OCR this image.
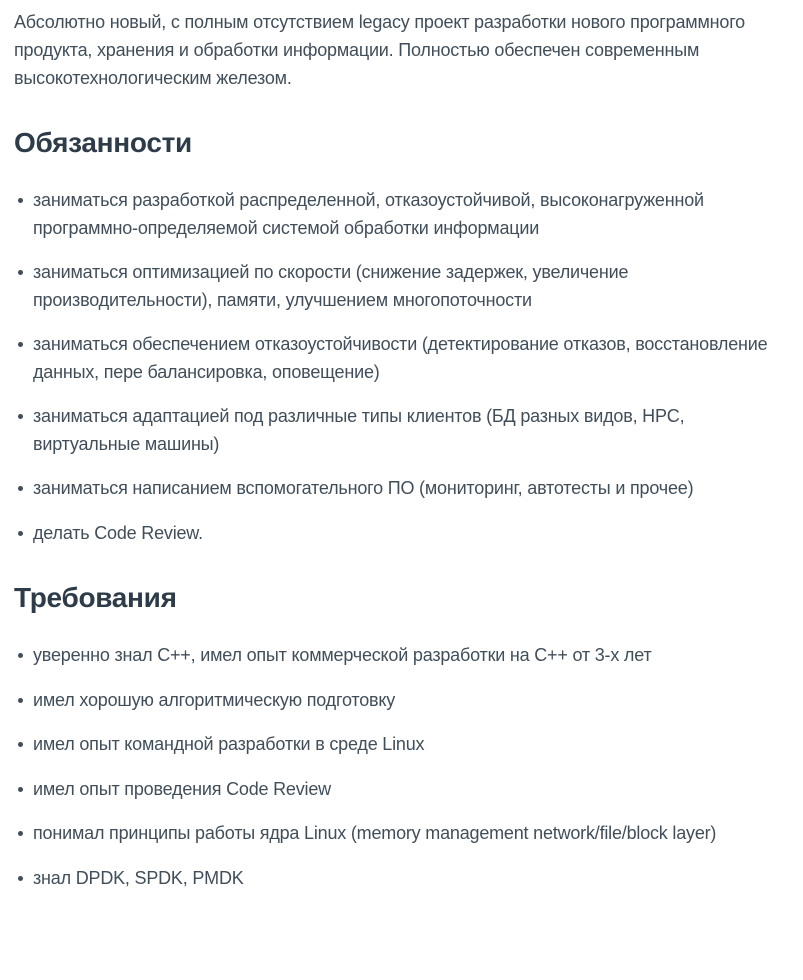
Абсолютно новый, с полным отсутствием legacy проект разработки нового программного продукта, хранения и обработки информации. Полностью обеспечен современным высокотехнологическим железом.

Обязанности
заниматься разработкой распределенной, отказоустойчивой, высоконагруженной программно-определяемой системой обработки информации
заниматься оптимизацией по скорости (снижение задержек, увеличение производительности), памяти, улучшением многопоточности
заниматься обеспечением отказоустойчивости (детектирование отказов, восстановление данных, пере балансировка, оповещение)
заниматься адаптацией под различные типы клиентов (БД разных видов, HPC, виртуальные машины)
заниматься написанием вспомогательного ПО (мониторинг, автотесты и прочее)
делать Code Review.
Требования
уверенно знал C++, имел опыт коммерческой разработки на C++ от 3-х лет
имел хорошую алгоритмическую подготовку
имел опыт командной разработки в среде Linux
имел опыт проведения Code Review
понимал принципы работы ядра Linux (memory management network/file/block layer)
знал DPDK, SPDK, PMDK
